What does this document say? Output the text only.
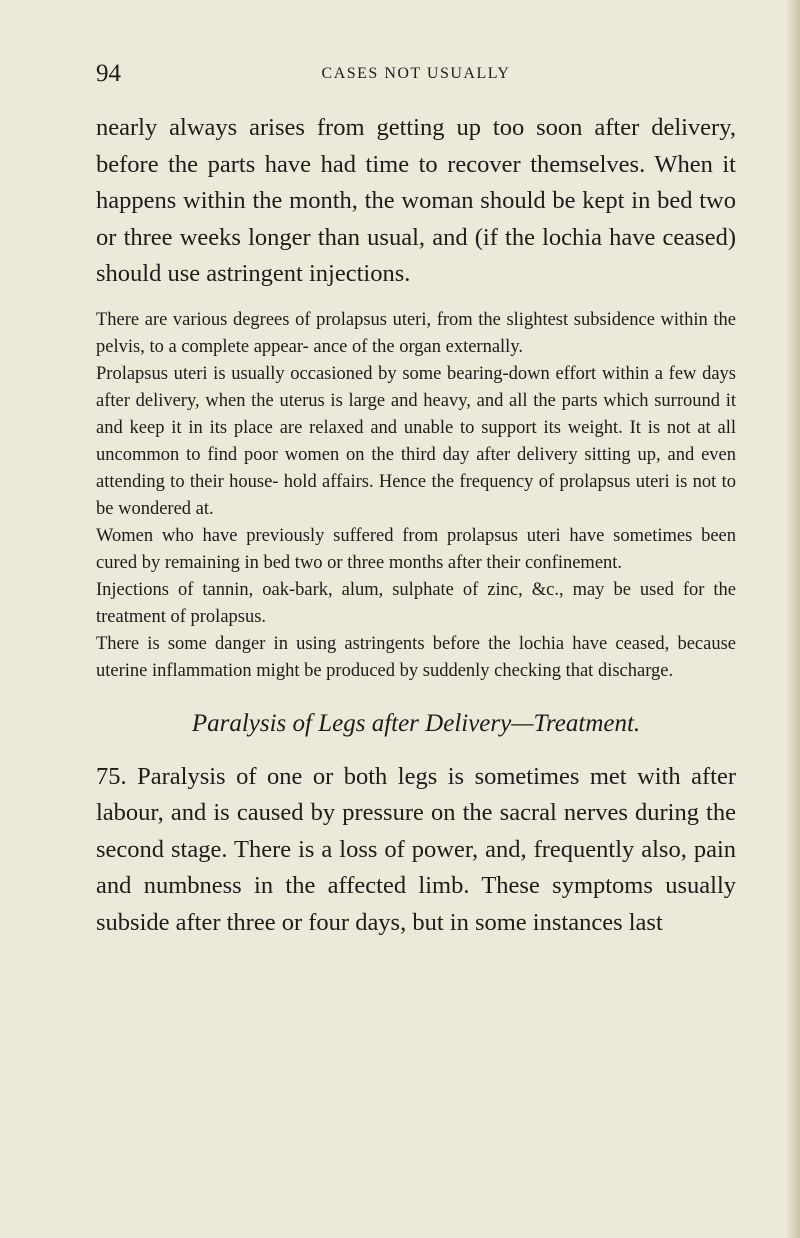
94	CASES NOT USUALLY

nearly always arises from getting up too soon after delivery, before the parts have had time to recover themselves. When it happens within the month, the woman should be kept in bed two or three weeks longer than usual, and (if the lochia have ceased) should use astringent injections.

There are various degrees of prolapsus uteri, from the slightest subsidence within the pelvis, to a complete appear- ance of the organ externally.

Prolapsus uteri is usually occasioned by some bearing-down effort within a few days after delivery, when the uterus is large and heavy, and all the parts which surround it and keep it in its place are relaxed and unable to support its weight. It is not at all uncommon to find poor women on the third day after delivery sitting up, and even attending to their house- hold affairs. Hence the frequency of prolapsus uteri is not to be wondered at.

Women who have previously suffered from prolapsus uteri have sometimes been cured by remaining in bed two or three months after their confinement.

Injections of tannin, oak-bark, alum, sulphate of zinc, &c., may be used for the treatment of prolapsus.

There is some danger in using astringents before the lochia have ceased, because uterine inflammation might be produced by suddenly checking that discharge.

Paralysis of Legs after Delivery—Treatment.

75. Paralysis of one or both legs is sometimes met with after labour, and is caused by pressure on the sacral nerves during the second stage. There is a loss of power, and, frequently also, pain and numbness in the affected limb. These symptoms usually subside after three or four days, but in some instances last
